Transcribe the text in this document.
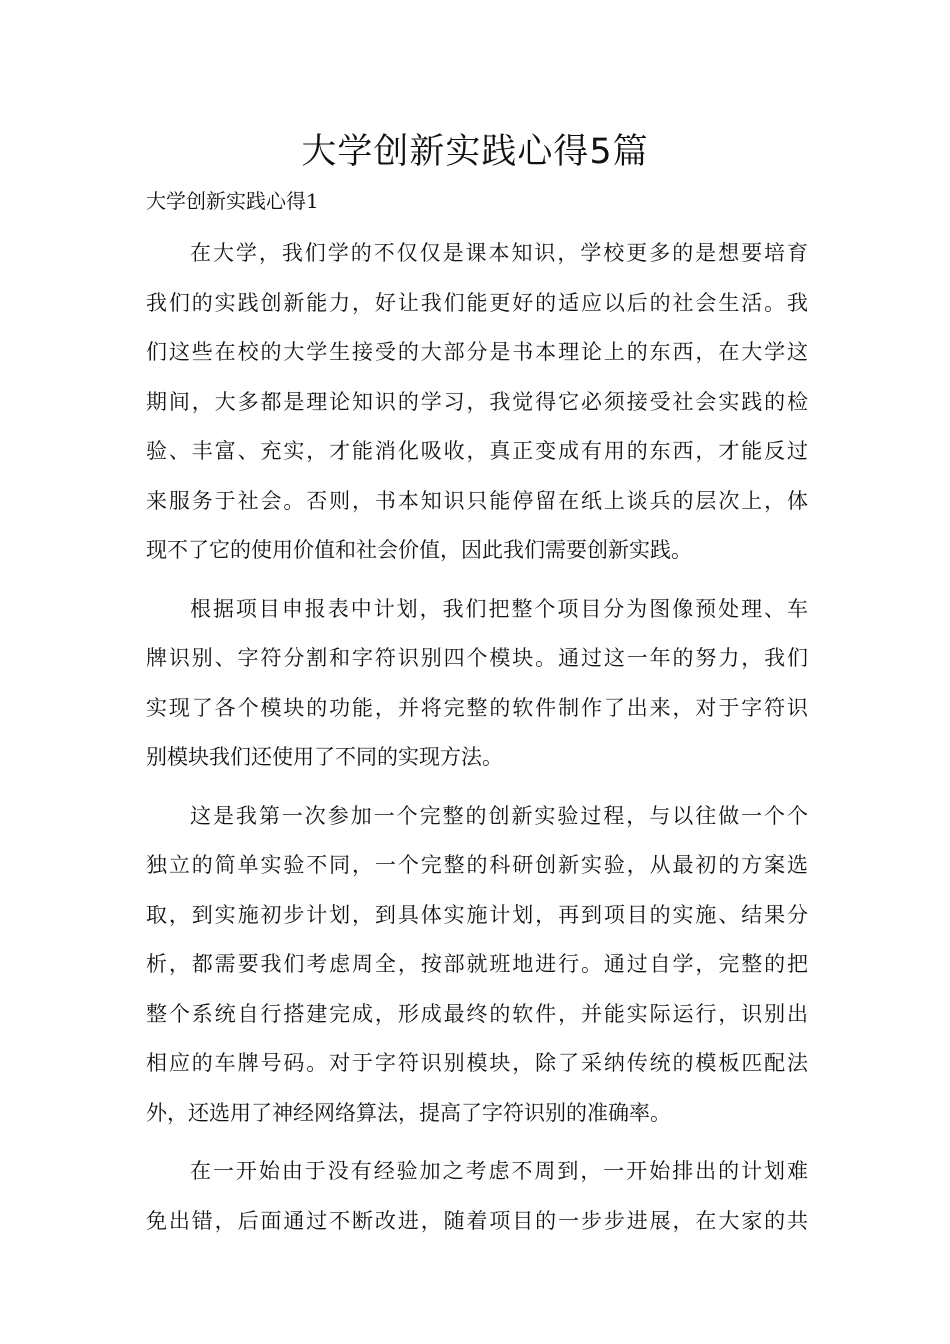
大学创新实践心得5篇
大学创新实践心得1
在大学，我们学的不仅仅是课本知识，学校更多的是想要培育
我们的实践创新能力，好让我们能更好的适应以后的社会生活。我
们这些在校的大学生接受的大部分是书本理论上的东西，在大学这
期间，大多都是理论知识的学习，我觉得它必须接受社会实践的检
验、丰富、充实，才能消化吸收，真正变成有用的东西，才能反过
来服务于社会。否则，书本知识只能停留在纸上谈兵的层次上，体
现不了它的使用价值和社会价值，因此我们需要创新实践。
根据项目申报表中计划，我们把整个项目分为图像预处理、车
牌识别、字符分割和字符识别四个模块。通过这一年的努力，我们
实现了各个模块的功能，并将完整的软件制作了出来，对于字符识
别模块我们还使用了不同的实现方法。
这是我第一次参加一个完整的创新实验过程，与以往做一个个
独立的简单实验不同，一个完整的科研创新实验，从最初的方案选
取，到实施初步计划，到具体实施计划，再到项目的实施、结果分
析，都需要我们考虑周全，按部就班地进行。通过自学，完整的把
整个系统自行搭建完成，形成最终的软件，并能实际运行，识别出
相应的车牌号码。对于字符识别模块，除了采纳传统的模板匹配法
外，还选用了神经网络算法，提高了字符识别的准确率。
在一开始由于没有经验加之考虑不周到，一开始排出的计划难
免出错，后面通过不断改进，随着项目的一步步进展，在大家的共
